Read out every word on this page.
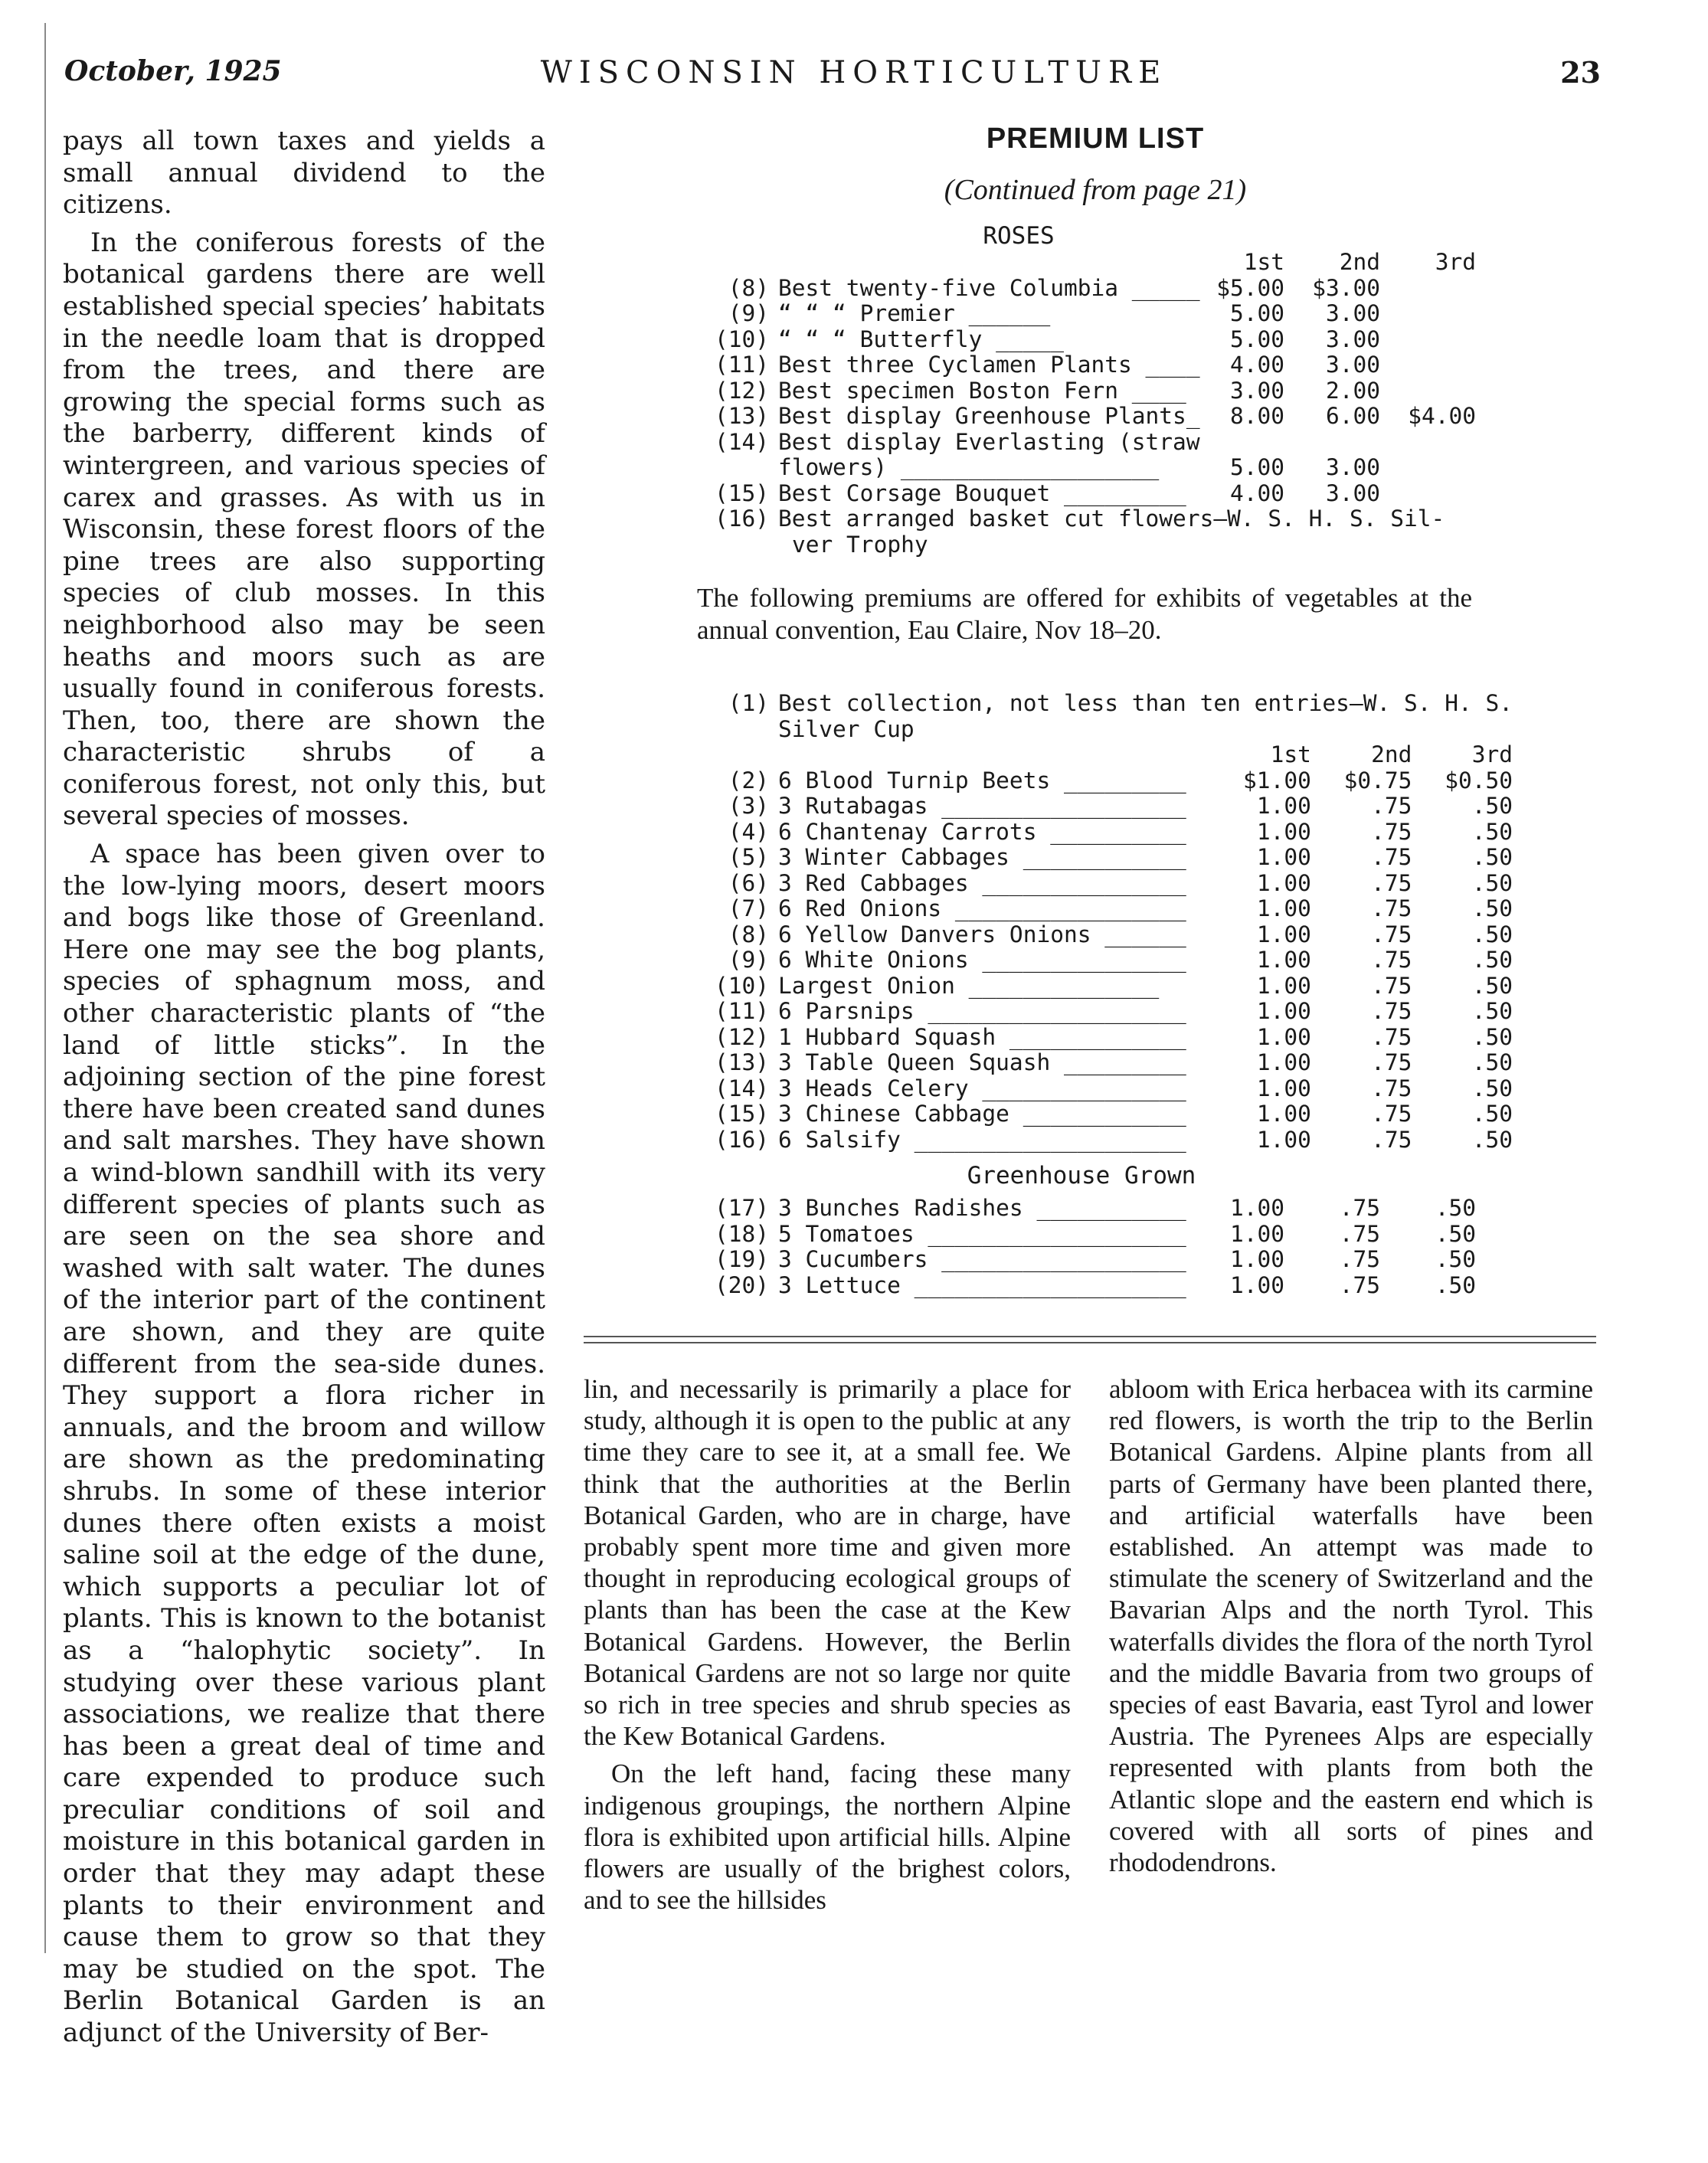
October, 1925	WISCONSIN HORTICULTURE	23

pays all town taxes and yields a small annual dividend to the citizens.

In the coniferous forests of the botanical gardens there are well established special species’ habitats in the needle loam that is dropped from the trees, and there are growing the special forms such as the barberry, different kinds of wintergreen, and various species of carex and grasses. As with us in Wisconsin, these forest floors of the pine trees are also supporting species of club mosses. In this neighborhood also may be seen heaths and moors such as are usually found in coniferous forests. Then, too, there are shown the characteristic shrubs of a coniferous forest, not only this, but several species of mosses.

A space has been given over to the low-lying moors, desert moors and bogs like those of Greenland. Here one may see the bog plants, species of sphagnum moss, and other characteristic plants of “the land of little sticks”. In the adjoining section of the pine forest there have been created sand dunes and salt marshes. They have shown a wind-blown sandhill with its very different species of plants such as are seen on the sea shore and washed with salt water. The dunes of the interior part of the continent are shown, and they are quite different from the sea-side dunes. They support a flora richer in annuals, and the broom and willow are shown as the predominating shrubs. In some of these interior dunes there often exists a moist saline soil at the edge of the dune, which supports a peculiar lot of plants. This is known to the botanist as a “halophytic society”. In studying over these various plant associations, we realize that there has been a great deal of time and care expended to produce such preculiar conditions of soil and moisture in this botanical garden in order that they may adapt these plants to their environment and cause them to grow so that they may be studied on the spot. The Berlin Botanical Garden is an adjunct of the University of Ber-

PREMIUM LIST
(Continued from page 21)
ROSES
		1st	2nd	3rd
(8)	Best twenty-five Columbia _____	$5.00	$3.00	
(9)	“ “ “ Premier ______	5.00	3.00	
(10)	“ “ “ Butterfly _____	5.00	3.00	
(11)	Best three Cyclamen Plants ____	4.00	3.00	
(12)	Best specimen Boston Fern ____	3.00	2.00	
(13)	Best display Greenhouse Plants_	8.00	6.00	$4.00
(14)	Best display Everlasting (straw			
	flowers) ___________________	5.00	3.00	
(15)	Best Corsage Bouquet _________	4.00	3.00	
(16)	Best arranged basket cut flowers—W. S. H. S. Sil-			
	ver Trophy			
The following premiums are offered for exhibits of vegetables at the annual convention, Eau Claire, Nov 18–20.
(1)	Best collection, not less than ten entries—W. S. H. S.			
	Silver Cup			
		1st	2nd	3rd
(2)	6 Blood Turnip Beets _________	$1.00	$0.75	$0.50
(3)	3 Rutabagas __________________	1.00	.75	.50
(4)	6 Chantenay Carrots __________	1.00	.75	.50
(5)	3 Winter Cabbages ____________	1.00	.75	.50
(6)	3 Red Cabbages _______________	1.00	.75	.50
(7)	6 Red Onions _________________	1.00	.75	.50
(8)	6 Yellow Danvers Onions ______	1.00	.75	.50
(9)	6 White Onions _______________	1.00	.75	.50
(10)	Largest Onion ______________	1.00	.75	.50
(11)	6 Parsnips ___________________	1.00	.75	.50
(12)	1 Hubbard Squash _____________	1.00	.75	.50
(13)	3 Table Queen Squash _________	1.00	.75	.50
(14)	3 Heads Celery _______________	1.00	.75	.50
(15)	3 Chinese Cabbage ____________	1.00	.75	.50
(16)	6 Salsify ____________________	1.00	.75	.50
Greenhouse Grown
(17)	3 Bunches Radishes ___________	1.00	.75	.50
(18)	5 Tomatoes ___________________	1.00	.75	.50
(19)	3 Cucumbers __________________	1.00	.75	.50
(20)	3 Lettuce ____________________	1.00	.75	.50

lin, and necessarily is primarily a place for study, although it is open to the public at any time they care to see it, at a small fee. We think that the authorities at the Berlin Botanical Garden, who are in charge, have probably spent more time and given more thought in reproducing ecological groups of plants than has been the case at the Kew Botanical Gardens. However, the Berlin Botanical Gardens are not so large nor quite so rich in tree species and shrub species as the Kew Botanical Gardens.

On the left hand, facing these many indigenous groupings, the northern Alpine flora is exhibited upon artificial hills. Alpine flowers are usually of the brighest colors, and to see the hillsides

abloom with Erica herbacea with its carmine red flowers, is worth the trip to the Berlin Botanical Gardens. Alpine plants from all parts of Germany have been planted there, and artificial waterfalls have been established. An attempt was made to stimulate the scenery of Switzerland and the Bavarian Alps and the north Tyrol. This waterfalls divides the flora of the north Tyrol and the middle Bavaria from two groups of species of east Bavaria, east Tyrol and lower Austria. The Pyrenees Alps are especially represented with plants from both the Atlantic slope and the eastern end which is covered with all sorts of pines and rhododendrons.
